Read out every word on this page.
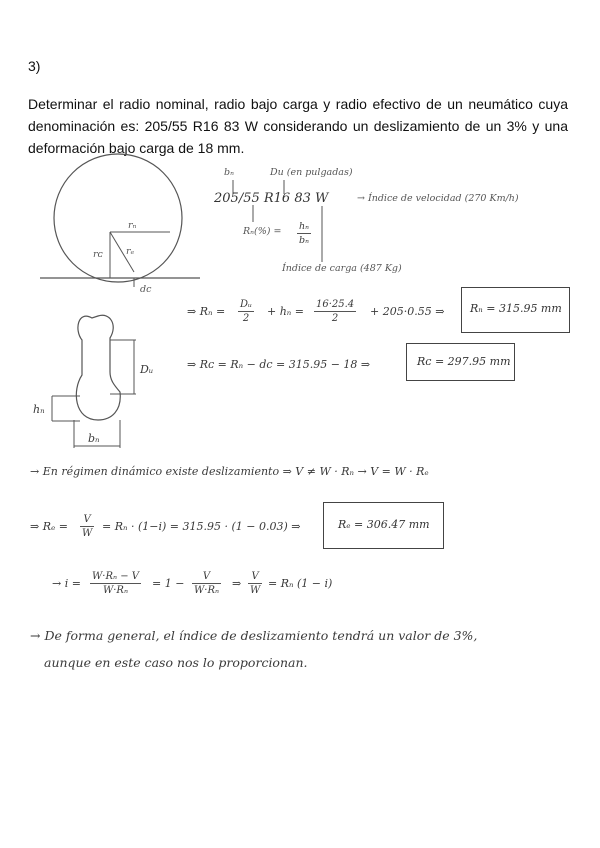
3)

Determinar el radio nominal, radio bajo carga y radio efectivo de un neumático cuya denominación es: 205/55 R16 83 W considerando un deslizamiento de un 3% y una deformación bajo carga de 18 mm.

bₙ	Du (en pulgadas)
205/55 R16 83 W	→ Índice de velocidad (270 Km/h)
$R_n(\%) = \frac{\text{hₙ}}{\text{bₙ}}$
Índice de carga (487 Kg)
rₙ
rᴄ rₑ
dc
Dᵤ
hₙ
bₙ
⇒ $R_n = \frac{\text{Dᵤ}}{2} + h_n = \frac{16\cdot 25.4}{2} + 205\cdot 0.55$ ⇒ Rₙ = 315.95 mm
⇒ Rᴄ = Rₙ − dc = 315.95 − 18 ⇒	Rᴄ = 297.95 mm
→ En régimen dinámico existe deslizamiento ⇒ V ≠ W · Rₙ → V = W · Rₑ
⇒ $R_e = \frac{V}{W} = R_n \cdot (1-i) = 315.95 \cdot (1 - 0.03)$ ⇒	Rₑ = 306.47 mm
→ $i = \frac{\text{W·Rₙ − V}}{\text{W·Rₙ}} = 1 - \frac{V}{\text{W·Rₙ}}$ ⇒ $\frac{V}{W} = R_n$ (1 − i)
→ De forma general, el índice de deslizamiento tendrá un valor de 3%,
aunque en este caso nos lo proporcionan.
